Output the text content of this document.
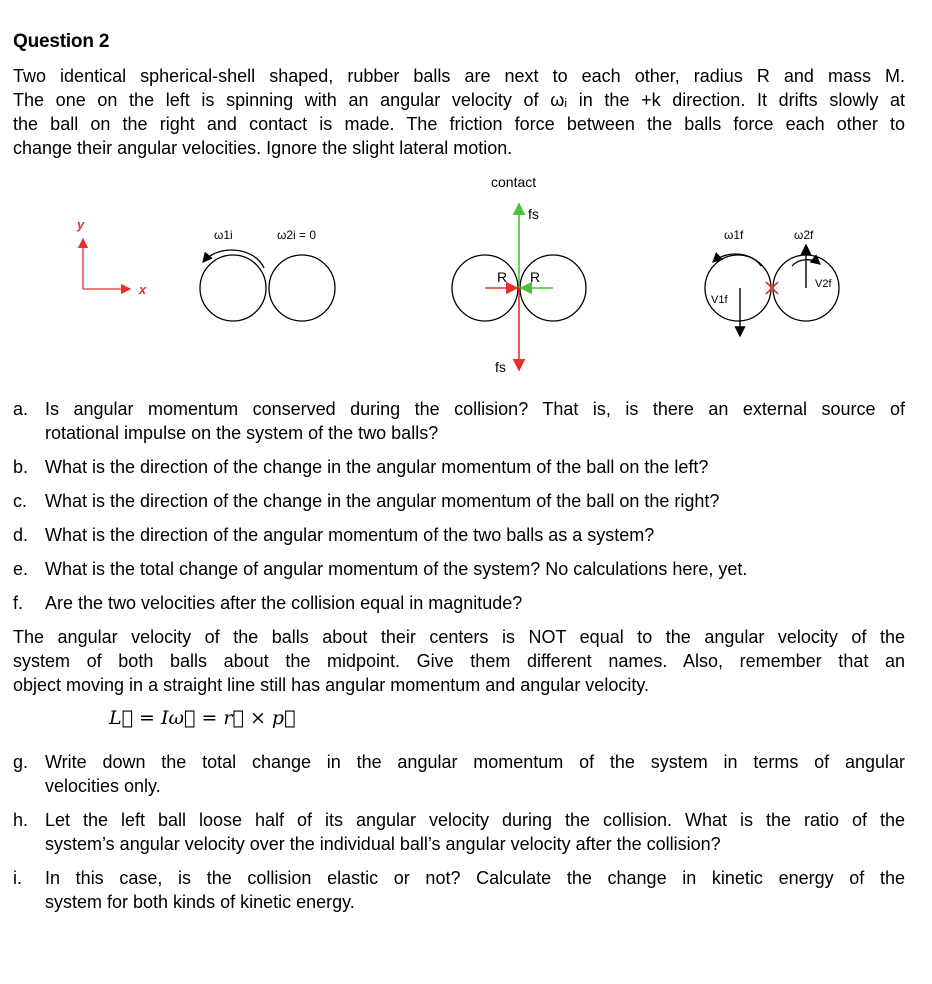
Question 2
Two identical spherical-shell shaped, rubber balls are next to each other, radius R and mass M.
The one on the left is spinning with an angular velocity of ωᵢ in the +k direction. It drifts slowly at
the ball on the right and contact is made. The friction force between the balls force each other to
change their angular velocities. Ignore the slight lateral motion.
y
x
ω1i	ω2i = 0
contact
fs
fs
R R
ω1f	ω2f
V1f
V2f
a. Is angular momentum conserved during the collision? That is, is there an external source of
rotational impulse on the system of the two balls?
b. What is the direction of the change in the angular momentum of the ball on the left?
c. What is the direction of the change in the angular momentum of the ball on the right?
d. What is the direction of the angular momentum of the two balls as a system?
e. What is the total change of angular momentum of the system? No calculations here, yet.
f. Are the two velocities after the collision equal in magnitude?
The angular velocity of the balls about their centers is NOT equal to the angular velocity of the
system of both balls about the midpoint. Give them different names. Also, remember that an
object moving in a straight line still has angular momentum and angular velocity.
L⃗ = Iω⃗ = r⃗ × p⃗
g. Write down the total change in the angular momentum of the system in terms of angular
velocities only.
h. Let the left ball loose half of its angular velocity during the collision. What is the ratio of the
system’s angular velocity over the individual ball’s angular velocity after the collision?
i. In this case, is the collision elastic or not? Calculate the change in kinetic energy of the
system for both kinds of kinetic energy.
